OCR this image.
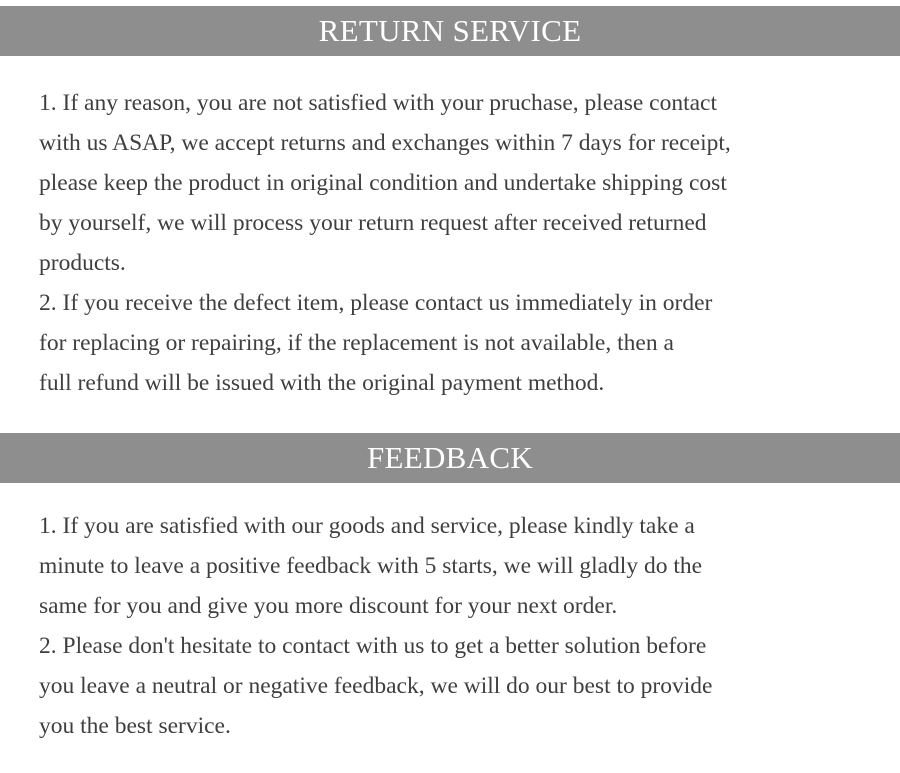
RETURN SERVICE
1. If any reason, you are not satisfied with your pruchase, please contact
with us ASAP, we accept returns and exchanges within 7 days for receipt,
please keep the product in original condition and undertake shipping cost
by yourself, we will process your return request after received returned
products.
2. If you receive the defect item, please contact us immediately in order
for replacing or repairing, if the replacement is not available, then a
full refund will be issued with the original payment method.
FEEDBACK
1. If you are satisfied with our goods and service, please kindly take a
minute to leave a positive feedback with 5 starts, we will gladly do the
same for you and give you more discount for your next order.
2. Please don't hesitate to contact with us to get a better solution before
you leave a neutral or negative feedback, we will do our best to provide
you the best service.
